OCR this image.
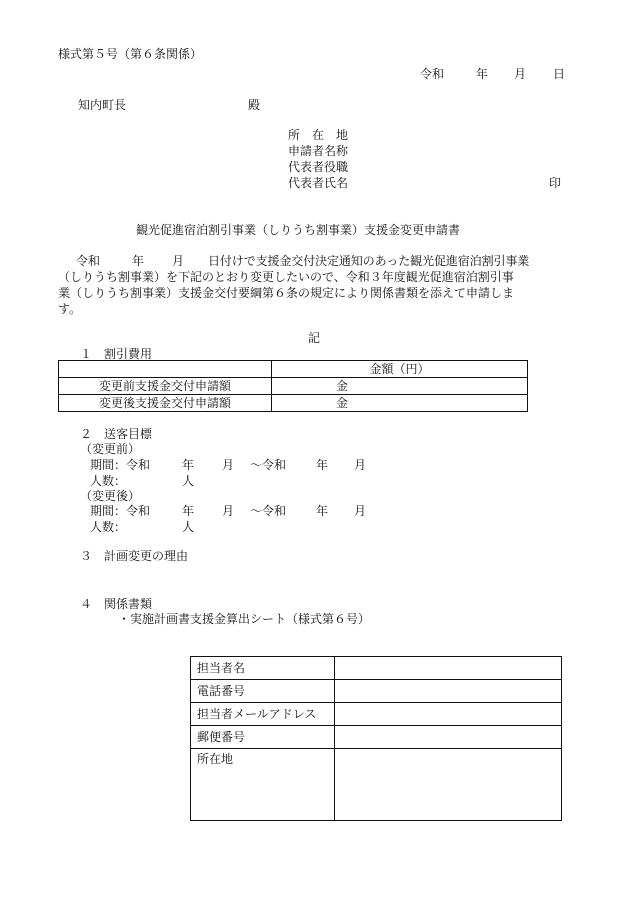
様式第５号（第６条関係）
令和	年 月 日
知内町長	殿
所　在　地
申請者名称
代表者役職
代表者氏名	印
観光促進宿泊割引事業（しりうち割事業）支援金変更申請書
令和	年 月 日付けで支援金交付決定通知のあった観光促進宿泊割引事業
（しりうち割事業）を下記のとおり変更したいので、令和３年度観光促進宿泊割引事
業（しりうち割事業）支援金交付要綱第６条の規定により関係書類を添えて申請しま
す。
記
１　割引費用
	金額（円）
変更前支援金交付申請額	金
変更後支援金交付申請額	金
２　送客目標
（変更前）
期間：令和	年 月 ～令和 年 月
人数：	人
（変更後）
期間：令和	年 月 ～令和 年 月
人数：	人
３　計画変更の理由
４　関係書類
・実施計画書支援金算出シート（様式第６号）
担当者名	
電話番号	
担当者メールアドレス	
郵便番号	
所在地	
